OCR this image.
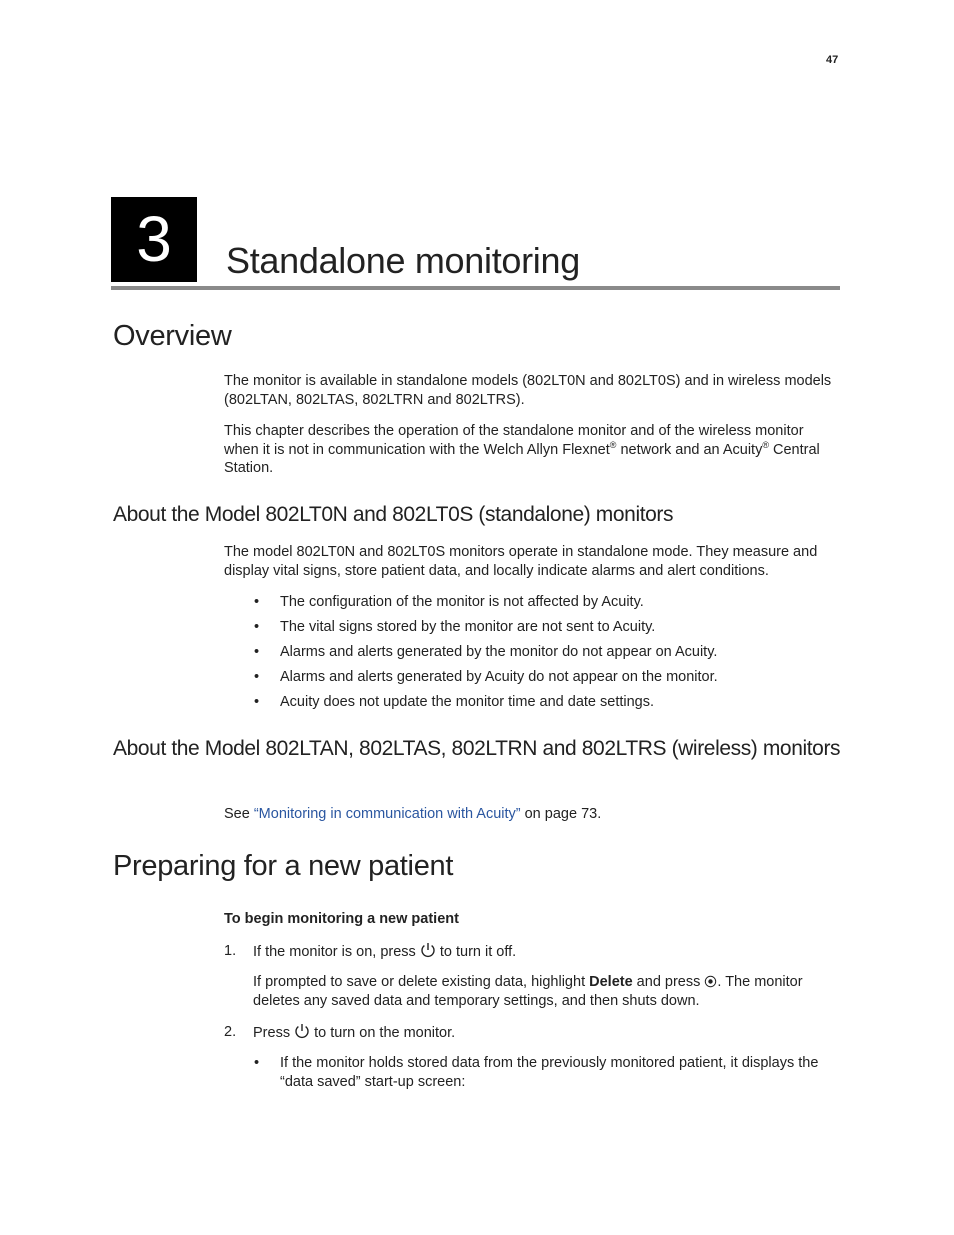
47
3	Standalone monitoring
Overview
The monitor is available in standalone models (802LT0N and 802LT0S) and in wireless models (802LTAN, 802LTAS, 802LTRN and 802LTRS).
This chapter describes the operation of the standalone monitor and of the wireless monitor when it is not in communication with the Welch Allyn Flexnet® network and an Acuity® Central Station.
About the Model 802LT0N and 802LT0S (standalone) monitors
The model 802LT0N and 802LT0S monitors operate in standalone mode. They measure and display vital signs, store patient data, and locally indicate alarms and alert conditions.
• The configuration of the monitor is not affected by Acuity.
• The vital signs stored by the monitor are not sent to Acuity.
• Alarms and alerts generated by the monitor do not appear on Acuity.
• Alarms and alerts generated by Acuity do not appear on the monitor.
• Acuity does not update the monitor time and date settings.
About the Model 802LTAN, 802LTAS, 802LTRN and 802LTRS (wireless) monitors
See “Monitoring in communication with Acuity” on page 73.
Preparing for a new patient
To begin monitoring a new patient
1. If the monitor is on, press  to turn it off.
If prompted to save or delete existing data, highlight Delete and press . The monitor deletes any saved data and temporary settings, and then shuts down.
2. Press  to turn on the monitor.
• If the monitor holds stored data from the previously monitored patient, it displays the “data saved” start-up screen:
